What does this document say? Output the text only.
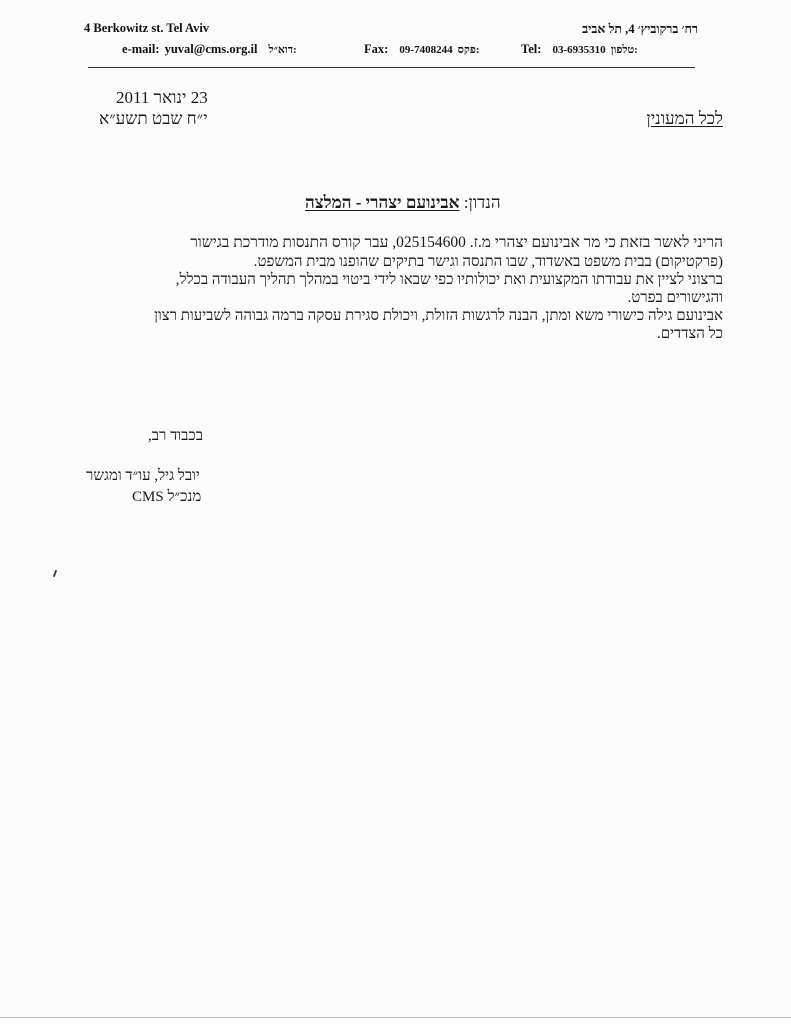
4 Berkowitz st. Tel Aviv	רח׳ ברקוביץ׳ 4, תל אביב
e-mail: yuval@cms.org.il דוא״ל:	Fax: 09-7408244 פקס:	Tel: 03-6935310 טלפון:
23 ינואר 2011
י״ח שבט תשע״א	לכל המעונין
הנדון: אבינועם יצהרי - המלצה
הריני לאשר בזאת כי מר אבינועם יצהרי מ.ז. 025154600, עבר קורס התנסות מודרכת בגישור
(פרקטיקום) בבית משפט באשדוד, שבו התנסה וגישר בתיקים שהופנו מבית המשפט.
ברצוני לציין את עבודתו המקצועית ואת יכולותיו כפי שבאו לידי ביטוי במהלך תהליך העבודה בכלל,
והגישורים בפרט.
אבינועם גילה כישורי משא ומתן, הבנה לרגשות הזולת, ויכולת סגירת עסקה ברמה גבוהה לשביעות רצון
כל הצדדים.
בכבוד רב,
יובל גיל, עו״ד ומגשר
מנכ״ל CMS
